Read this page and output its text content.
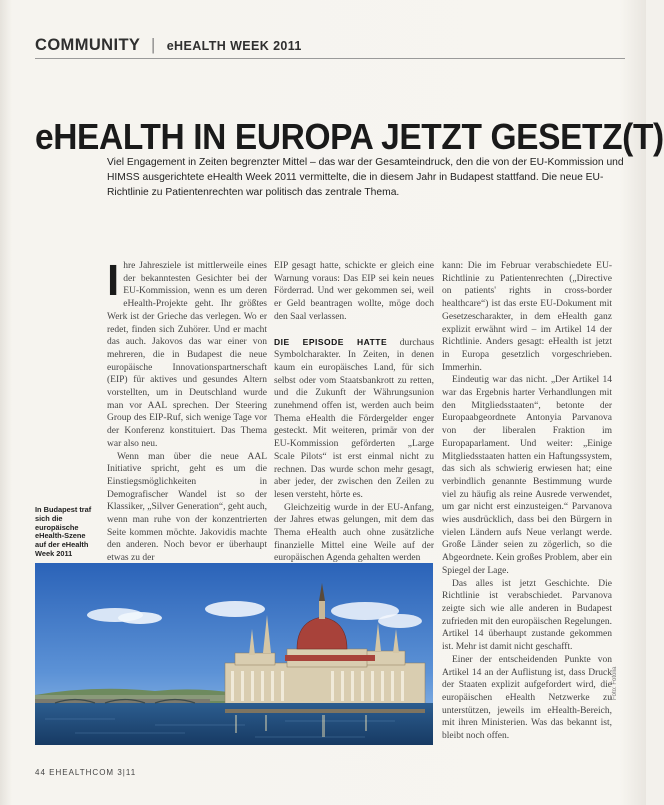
COMMUNITY | eHEALTH WEEK 2011
eHEALTH IN EUROPA JETZT GESETZ(T)
Viel Engagement in Zeiten begrenzter Mittel – das war der Gesamteindruck, den die von der EU-Kommission und HIMSS ausgerichtete eHealth Week 2011 vermittelte, die in diesem Jahr in Budapest stattfand. Die neue EU-Richtlinie zu Patientenrechten war politisch das zentrale Thema.
I hre Jahresziele ist mittlerweile eines der bekanntesten Gesichter bei der EU-Kommission, wenn es um deren eHealth-Projekte geht. Ihr größtes Werk ist der Grieche das verlegen. Wo er redet, finden sich Zuhörer. Und er macht das auch. Jakovos das war einer von mehreren, die in Budapest die neue europäische Innovationspartnerschaft (EIP) für aktives und gesundes Altern vorstellten, um in Deutschland wurde man vor AAL sprechen. Der Steering Group des EIP-Ruf, sich wenige Tage vor der Konferenz konstituiert. Das Thema war also neu.

Wenn man über die neue AAL Initiative spricht, geht es um die Einstiegsmöglichkeiten in Demografischer Wandel ist so der Klassiker, „Silver Generation“, geht auch, wenn man ruhe von der konzentrierten Seite kommen möchte. Jakovidis machte den anderen. Noch bevor er überhaupt etwas zu der

EIP gesagt hatte, schickte er gleich eine Warnung voraus: Das EIP sei kein neues Förderrad. Und wer gekommen sei, weil er Geld beantragen wollte, möge doch den Saal verlassen.

DIE EPISODE HATTE durchaus Symbolcharakter. In Zeiten, in denen kaum ein europäisches Land, für sich selbst oder vom Staatsbankrott zu retten, und die Zukunft der Währungsunion zunehmend offen ist, werden auch beim Thema eHealth die Fördergelder enger gesteckt. Mit weiteren, primär von der EU-Kommission geförderten „Large Scale Pilots“ ist erst einmal nicht zu rechnen. Das wurde schon mehr gesagt, aber jeder, der zwischen den Zeilen zu lesen versteht, hörte es.

Gleichzeitig wurde in der EU-Anfang, der Jahres etwas gelungen, mit dem das Thema eHealth auch ohne zusätzliche finanzielle Mittel eine Weile auf der europäischen Agenda gehalten werden

kann: Die im Februar verabschiedete EU-Richtlinie zu Patientenrechten („Directive on patients' rights in cross-border healthcare“) ist das erste EU-Dokument mit Gesetzescharakter, in dem eHealth ganz explizit erwähnt wird – im Artikel 14 der Richtlinie. Anders gesagt: eHealth ist jetzt in Europa gesetzlich vorgeschrieben. Immerhin.

Eindeutig war das nicht. „Der Artikel 14 war das Ergebnis harter Verhandlungen mit den Mitgliedsstaaten“, betonte der Europaabgeordnete Antonyia Parvanova von der liberalen Fraktion im Europaparlament. Und weiter: „Einige Mitgliedsstaaten hatten ein Haftungssystem, das sich als schwierig erwiesen hat; eine verbindlich genannte Bestimmung wurde viel zu häufig als reine Ausrede verwendet, um gar nicht erst einzusteigen.“ Parvanova wies ausdrücklich, dass bei den Bürgern in vielen Ländern aufs Neue verlangt werde. Große Länder seien zu zögerlich, so die Abgeordnete. Kein großes Problem, aber ein Spiegel der Lage.

Das alles ist jetzt Geschichte. Die Richtlinie ist verabschiedet. Parvanova zeigte sich wie alle anderen in Budapest zufrieden mit den europäischen Regelungen. Artikel 14 überhaupt zustande gekommen ist. Mehr ist damit nicht geschafft.

Einer der entscheidenden Punkte von Artikel 14 an der Auflistung ist, dass Druck der Staaten explizit aufgefordert wird, die europäischen eHealth Netzwerke zu unterstützen, jeweils im eHealth-Bereich, mit ihren Ministerien. Was das bekannt ist, bleibt noch offen.

In Budapest traf sich die europäische eHealth-Szene auf der eHealth Week 2011
44 EHEALTHCOM 3|11
Foto: Fotolia
